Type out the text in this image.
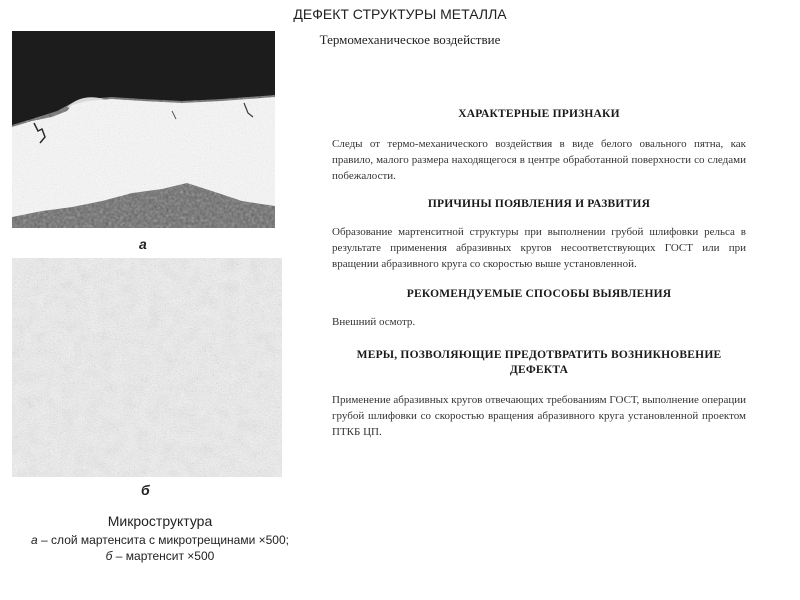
ДЕФЕКТ СТРУКТУРЫ МЕТАЛЛА
Термомеханическое воздействие
а
б
Микроструктура
а – слой мартенсита с микротрещинами ×500;
б – мартенсит ×500

ХАРАКТЕРНЫЕ ПРИЗНАКИ

Следы от термо-механического воздействия в виде белого овального пятна, как правило, малого размера находящегося в центре обработанной поверхности со следами побежалости.

ПРИЧИНЫ ПОЯВЛЕНИЯ И РАЗВИТИЯ

Образование мартенситной структуры при выполнении грубой шлифовки рельса в результате применения абразивных кругов несоответствующих ГОСТ или при вращении абразивного круга со скоростью выше установленной.

РЕКОМЕНДУЕМЫЕ СПОСОБЫ ВЫЯВЛЕНИЯ

Внешний осмотр.

МЕРЫ, ПОЗВОЛЯЮЩИЕ ПРЕДОТВРАТИТЬ ВОЗНИКНОВЕНИЕ ДЕФЕКТА

Применение абразивных кругов отвечающих требованиям ГОСТ, выполнение операции грубой шлифовки со скоростью вращения абразивного круга установленной проектом ПТКБ ЦП.
